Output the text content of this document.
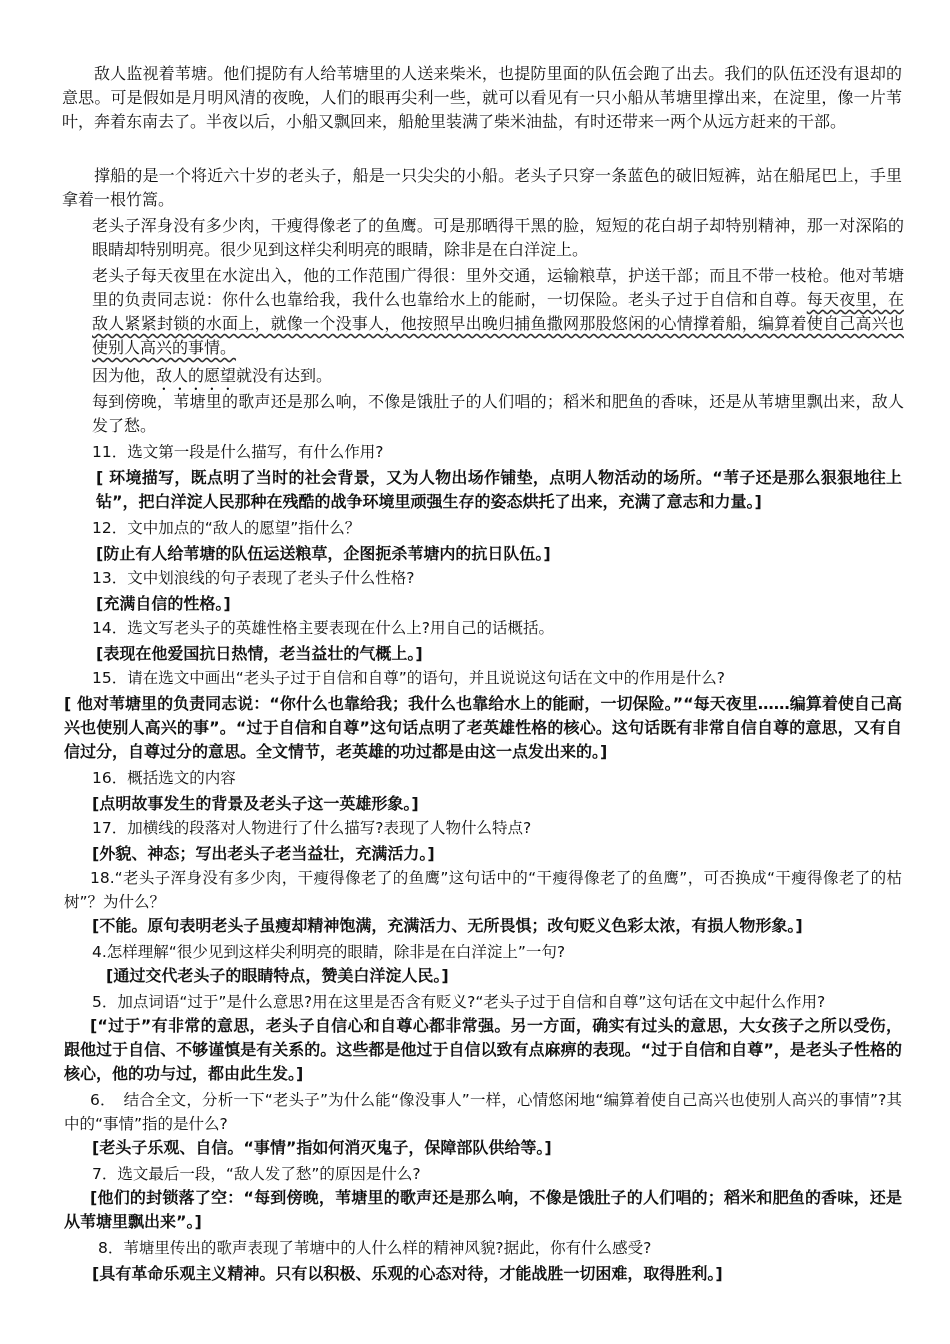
敌人监视着苇塘。他们提防有人给苇塘里的人送来柴米，也提防里面的队伍会跑了出去。我们的队伍还没有退却的意思。可是假如是月明风清的夜晚，人们的眼再尖利一些，就可以看见有一只小船从苇塘里撑出来，在淀里，像一片苇叶，奔着东南去了。半夜以后，小船又飘回来，船舱里装满了柴米油盐，有时还带来一两个从远方赶来的干部。

撑船的是一个将近六十岁的老头子，船是一只尖尖的小船。老头子只穿一条蓝色的破旧短裤，站在船尾巴上，手里拿着一根竹篙。

老头子浑身没有多少肉，干瘦得像老了的鱼鹰。可是那晒得干黑的脸，短短的花白胡子却特别精神，那一对深陷的眼睛却特别明亮。很少见到这样尖利明亮的眼睛，除非是在白洋淀上。

老头子每天夜里在水淀出入，他的工作范围广得很：里外交通，运输粮草，护送干部；而且不带一枝枪。他对苇塘里的负责同志说：你什么也靠给我，我什么也靠给水上的能耐，一切保险。老头子过于自信和自尊。每天夜里，在敌人紧紧封锁的水面上，就像一个没事人，他按照早出晚归捕鱼撒网那股悠闲的心情撑着船，编算着使自己高兴也使别人高兴的事情。

因为他，敌人的愿望就没有达到。

每到傍晚，苇塘里的歌声还是那么响，不像是饿肚子的人们唱的；稻米和肥鱼的香味，还是从苇塘里飘出来，敌人发了愁。

11．选文第一段是什么描写，有什么作用?

[ 环境描写，既点明了当时的社会背景，又为人物出场作铺垫，点明人物活动的场所。“苇子还是那么狠狠地往上钻”，把白洋淀人民那种在残酷的战争环境里顽强生存的姿态烘托了出来，充满了意志和力量。]

12．文中加点的“敌人的愿望”指什么？

[防止有人给苇塘的队伍运送粮草，企图扼杀苇塘内的抗日队伍。]

13．文中划浪线的句子表现了老头子什么性格?

[充满自信的性格。]

14．选文写老头子的英雄性格主要表现在什么上?用自己的话概括。

[表现在他爱国抗日热情，老当益壮的气概上。]

15．请在选文中画出“老头子过于自信和自尊”的语句，并且说说这句话在文中的作用是什么?

[ 他对苇塘里的负责同志说：“你什么也靠给我；我什么也靠给水上的能耐，一切保险。”“每天夜里……编算着使自己高兴也使别人高兴的事”。“过于自信和自尊”这句话点明了老英雄性格的核心。这句话既有非常自信自尊的意思，又有自信过分，自尊过分的意思。全文情节，老英雄的功过都是由这一点发出来的。]

16．概括选文的内容

[点明故事发生的背景及老头子这一英雄形象。]

17．加横线的段落对人物进行了什么描写?表现了人物什么特点?

[外貌、神态；写出老头子老当益壮，充满活力。]

18.“老头子浑身没有多少肉，干瘦得像老了的鱼鹰”这句话中的“干瘦得像老了的鱼鹰”，可否换成“干瘦得像老了的枯树”？为什么？

[不能。原句表明老头子虽瘦却精神饱满，充满活力、无所畏惧；改句贬义色彩太浓，有损人物形象。]

4.怎样理解“很少见到这样尖利明亮的眼睛，除非是在白洋淀上”一句?

[通过交代老头子的眼睛特点，赞美白洋淀人民。]

5．加点词语“过于”是什么意思?用在这里是否含有贬义?“老头子过于自信和自尊”这句话在文中起什么作用?

[“过于”有非常的意思，老头子自信心和自尊心都非常强。另一方面，确实有过头的意思，大女孩子之所以受伤，跟他过于自信、不够谨慎是有关系的。这些都是他过于自信以致有点麻痹的表现。“过于自信和自尊”，是老头子性格的核心，他的功与过，都由此生发。]

6．　结合全文，分析一下“老头子”为什么能“像没事人”一样，心情悠闲地“编算着使自己高兴也使别人高兴的事情”?其中的“事情”指的是什么?

[老头子乐观、自信。“事情”指如何消灭鬼子，保障部队供给等。]

7．选文最后一段，“敌人发了愁”的原因是什么?

[他们的封锁落了空：“每到傍晚，苇塘里的歌声还是那么响，不像是饿肚子的人们唱的；稻米和肥鱼的香味，还是从苇塘里飘出来”。]

8．苇塘里传出的歌声表现了苇塘中的人什么样的精神风貌?据此，你有什么感受?

[具有革命乐观主义精神。只有以积极、乐观的心态对待，才能战胜一切困难，取得胜利。]
